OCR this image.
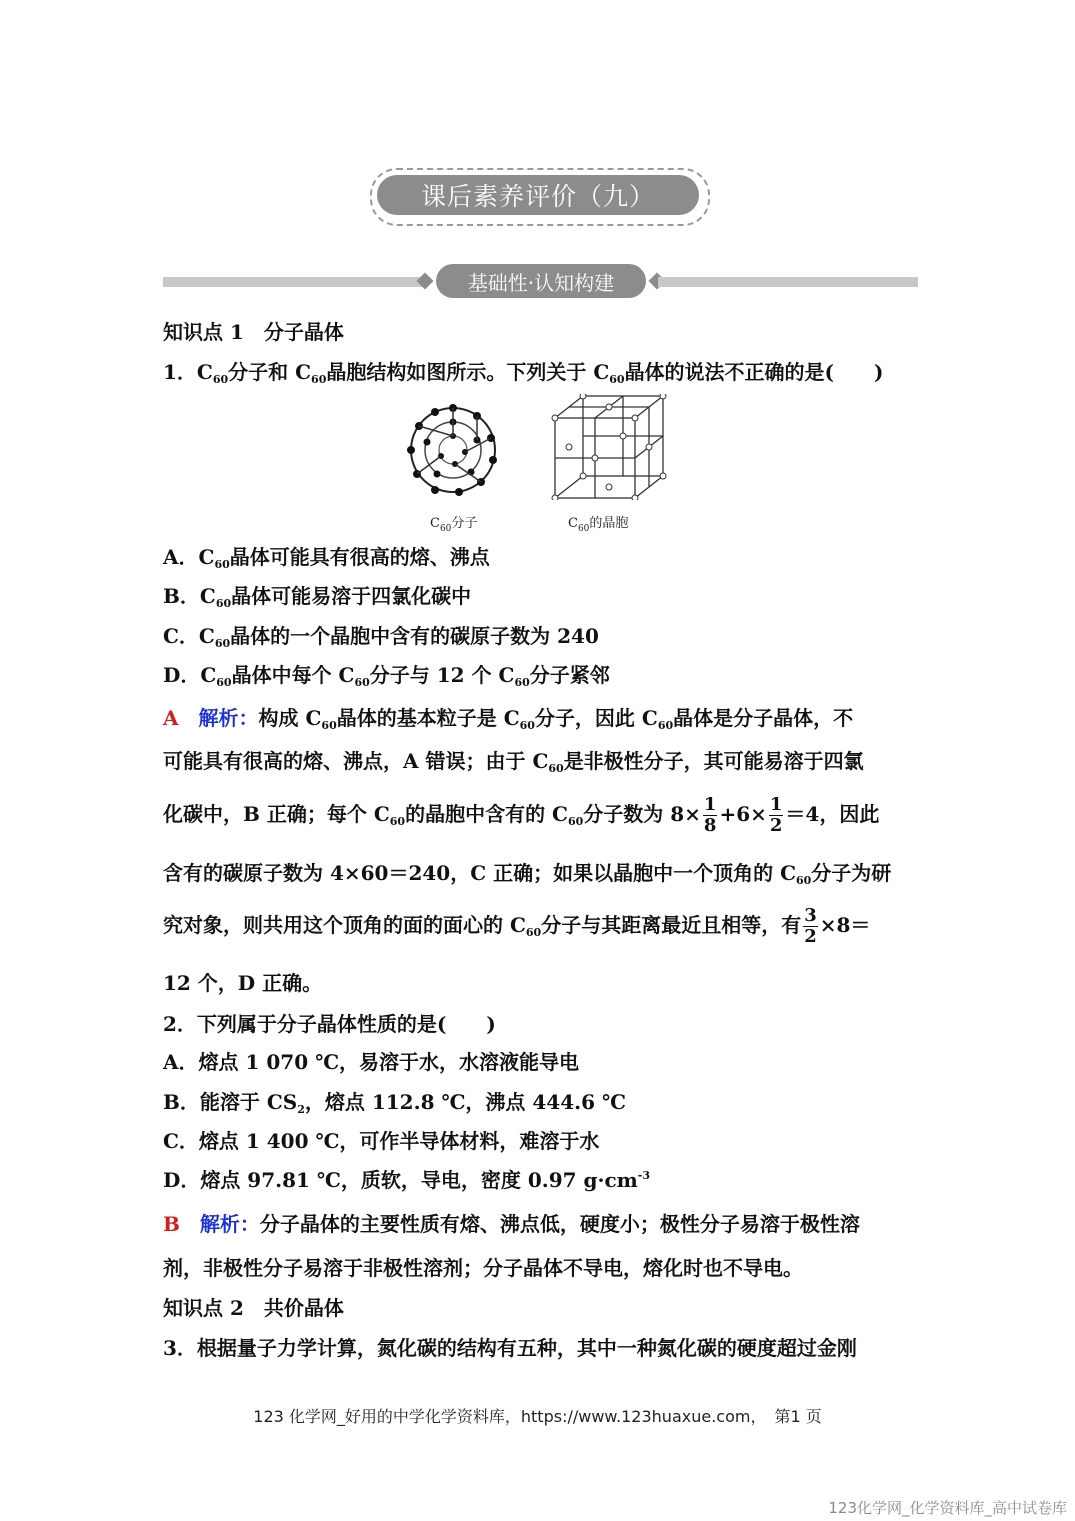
课后素养评价（九）
基础性·认知构建
知识点 1　分子晶体
1．$C_{60}$分子和 $C_{60}$晶胞结构如图所示。下列关于 $C_{60}$晶体的说法不正确的是(　　)
$C_{60}$分子	$C_{60}$的晶胞
A．$C_{60}$晶体可能具有很高的熔、沸点
B．$C_{60}$晶体可能易溶于四氯化碳中
C．$C_{60}$晶体的一个晶胞中含有的碳原子数为 240
D．$C_{60}$晶体中每个 $C_{60}$分子与 12 个 $C_{60}$分子紧邻
A　 解析：构成 $C_{60}$晶体的基本粒子是 $C_{60}$分子，因此 $C_{60}$晶体是分子晶体，不
可能具有很高的熔、沸点，A 错误；由于 $C_{60}$是非极性分子，其可能易溶于四氯
化碳中，B 正确；每个 $C_{60}$的晶胞中含有的 $C_{60}$分子数为 $8\times \frac{1}{8} +6\times \frac{1}{2} =4$，因此
含有的碳原子数为 4×60＝240，C 正确；如果以晶胞中一个顶角的 $C_{60}$分子为研
究对象，则共用这个顶角的面的面心的 $C_{60}$分子与其距离最近且相等，有 $\frac{3}{2} \times 8=$
12 个，D 正确。
2．下列属于分子晶体性质的是(　　)
A．熔点 1 070 ℃，易溶于水，水溶液能导电
B．能溶于 $CS_2$，熔点 112.8 ℃，沸点 444.6 ℃
C．熔点 1 400 ℃，可作半导体材料，难溶于水
D．熔点 97.81 ℃，质软，导电，密度 0.97 $g\cdot cm^{-3}$
B　 解析：分子晶体的主要性质有熔、沸点低，硬度小；极性分子易溶于极性溶
剂，非极性分子易溶于非极性溶剂；分子晶体不导电，熔化时也不导电。
知识点 2　共价晶体
3．根据量子力学计算，氮化碳的结构有五种，其中一种氮化碳的硬度超过金刚
123 化学网_好用的中学化学资料库，https://www.123huaxue.com，　第1 页
123化学网_化学资料库_高中试卷库
